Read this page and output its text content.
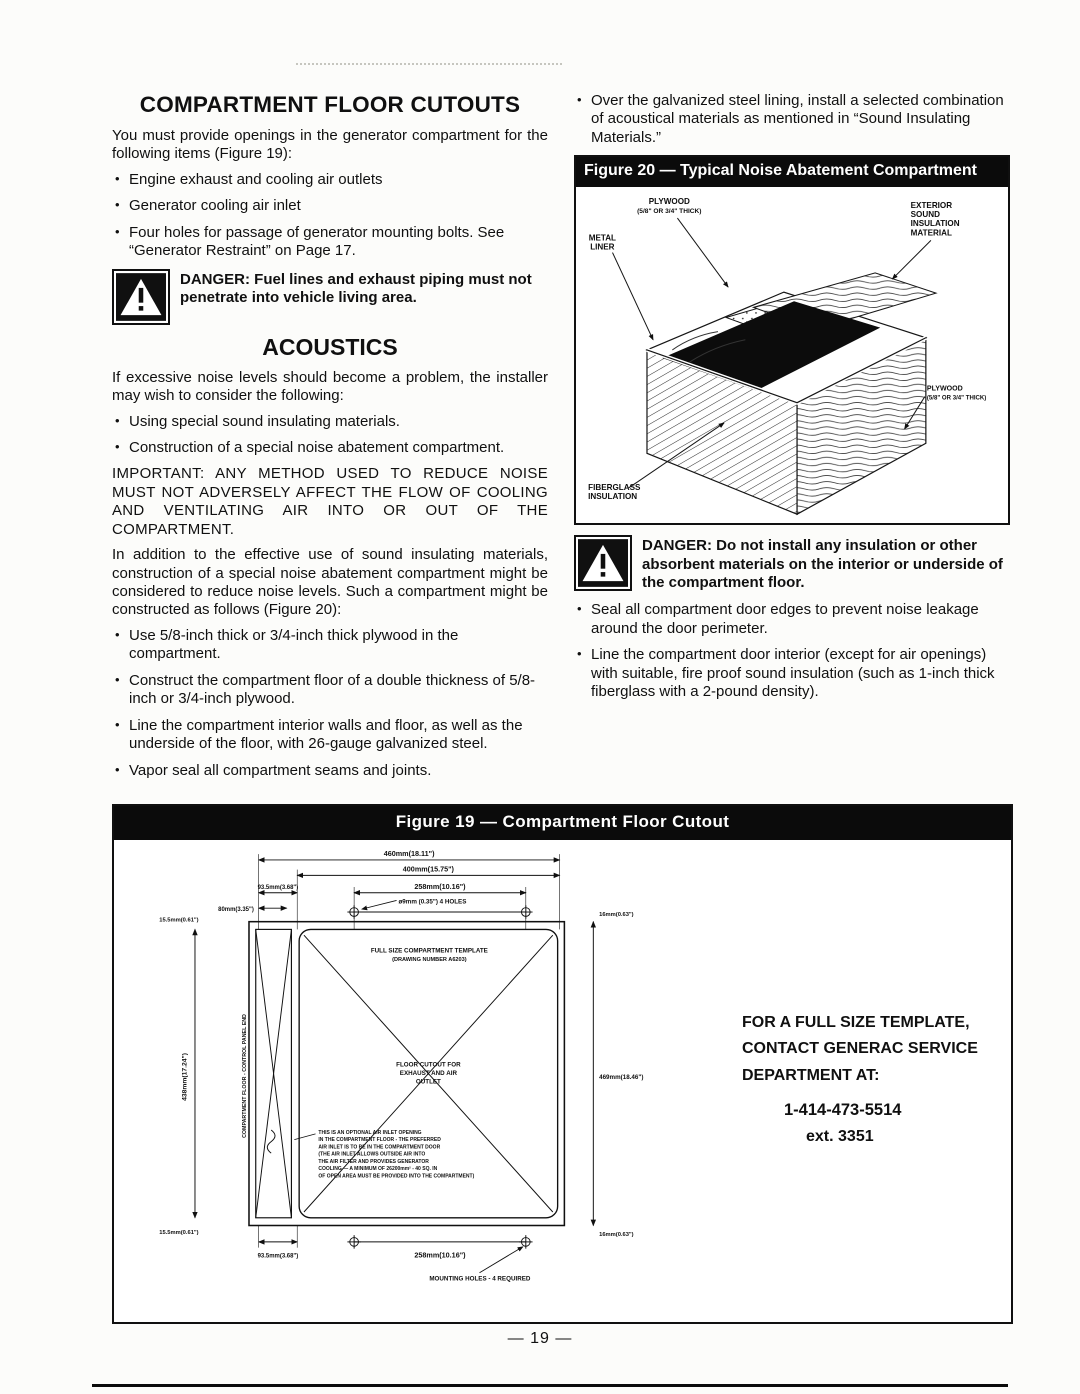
COMPARTMENT FLOOR CUTOUTS

You must provide openings in the generator compartment for the following items (Figure 19):

• Engine exhaust and cooling air outlets
• Generator cooling air inlet
• Four holes for passage of generator mounting bolts. See “Generator Restraint” on Page 17.

DANGER: Fuel lines and exhaust piping must not penetrate into vehicle living area.

ACOUSTICS

If excessive noise levels should become a problem, the installer may wish to consider the following:

• Using special sound insulating materials.
• Construction of a special noise abatement compartment.

IMPORTANT: ANY METHOD USED TO REDUCE NOISE MUST NOT ADVERSELY AFFECT THE FLOW OF COOLING AND VENTILATING AIR INTO OR OUT OF THE COMPARTMENT.

In addition to the effective use of sound insulating materials, construction of a special noise abatement compartment might be considered to reduce noise levels. Such a compartment might be constructed as follows (Figure 20):

• Use 5/8-inch thick or 3/4-inch thick plywood in the compartment.
• Construct the compartment floor of a double thickness of 5/8-inch or 3/4-inch plywood.
• Line the compartment interior walls and floor, as well as the underside of the floor, with 26-gauge galvanized steel.
• Vapor seal all compartment seams and joints.
• Over the galvanized steel lining, install a selected combination of acoustical materials as mentioned in “Sound Insulating Materials.”
Figure 20 — Typical Noise Abatement Compartment
PLYWOOD
(5/8" OR 3/4" THICK)
METAL
LINER
EXTERIOR
SOUND
INSULATION
MATERIAL
PLYWOOD
(5/8" OR 3/4" THICK)
FIBERGLASS
INSULATION

DANGER: Do not install any insulation or other absorbent materials on the interior or underside of the compartment floor.

• Seal all compartment door edges to prevent noise leakage around the door perimeter.
• Line the compartment door interior (except for air openings) with suitable, fire proof sound insulation (such as 1-inch thick fiberglass with a 2-pound density).
Figure 19 — Compartment Floor Cutout
460mm(18.11")
400mm(15.75")
93.5mm(3.68")	258mm(10.16")
80mm(3.35")
15.5mm(0.61")
438mm(17.24")
15.5mm(0.61")
16mm(0.63")
469mm(18.46")
16mm(0.63")
93.5mm(3.68")	258mm(10.16")
ø9mm (0.35") 4 HOLES
FULL SIZE COMPARTMENT TEMPLATE
(DRAWING NUMBER A6203)
FLOOR CUTOUT FOR
EXHAUST AND AIR
OUTLET
COMPARTMENT FLOOR - CONTROL PANEL END
MOUNTING HOLES - 4 REQUIRED
THIS IS AN OPTIONAL AIR INLET OPENING
IN THE COMPARTMENT FLOOR - THE PREFERRED
AIR INLET IS TO BE IN THE COMPARTMENT DOOR
(THE AIR INLET ALLOWS OUTSIDE AIR INTO
THE AIR FILTER AND PROVIDES GENERATOR
COOLING — A MINIMUM OF 26200mm² - 40 SQ. IN
OF OPEN AREA MUST BE PROVIDED INTO THE COMPARTMENT)

FOR A FULL SIZE TEMPLATE,

CONTACT GENERAC SERVICE

DEPARTMENT AT:

1-414-473-5514

ext. 3351

— 19 —
